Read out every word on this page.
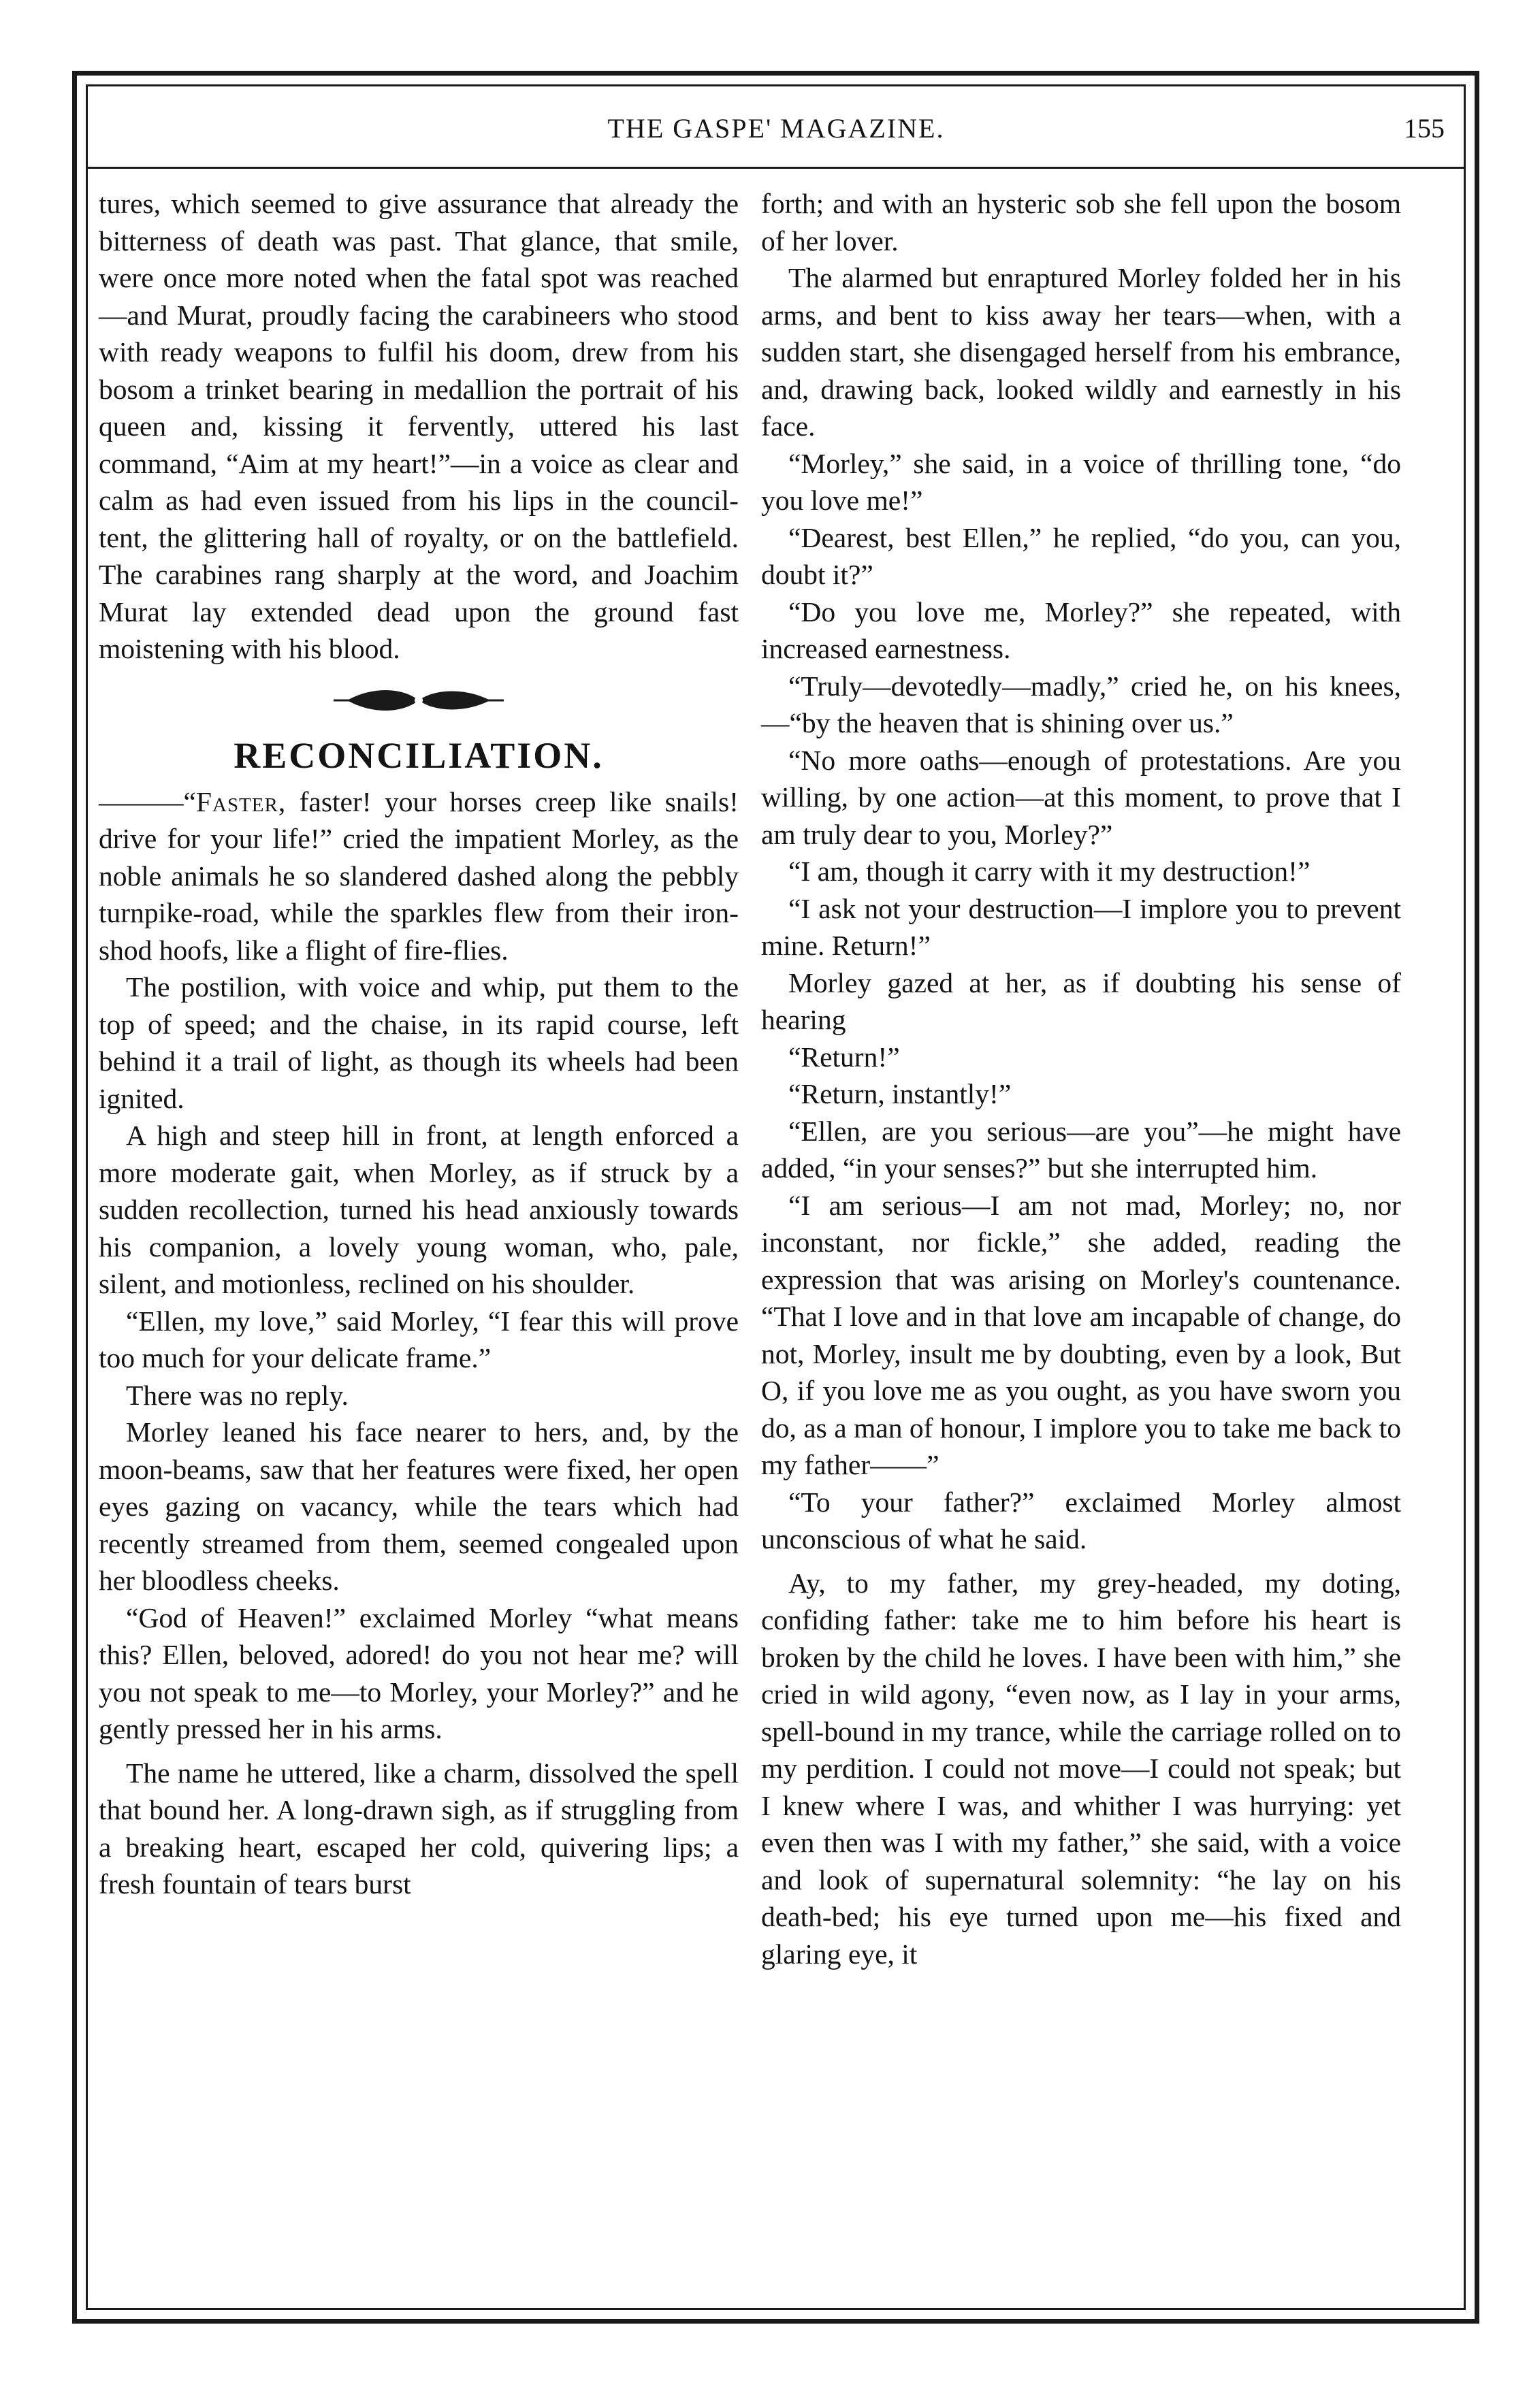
THE GASPE' MAGAZINE.	155

tures, which seemed to give assurance that already the bitterness of death was past. That glance, that smile, were once more noted when the fatal spot was reached—and Murat, proudly facing the carabineers who stood with ready weapons to fulfil his doom, drew from his bosom a trinket bearing in medallion the portrait of his queen and, kissing it fervently, uttered his last command, “Aim at my heart!”—in a voice as clear and calm as had even issued from his lips in the council-tent, the glittering hall of royalty, or on the battlefield. The carabines rang sharply at the word, and Joachim Murat lay extended dead upon the ground fast moistening with his blood.

RECONCILIATION.

———“Faster, faster! your horses creep like snails! drive for your life!” cried the impatient Morley, as the noble animals he so slandered dashed along the pebbly turnpike-road, while the sparkles flew from their iron-shod hoofs, like a flight of fire-flies.

The postilion, with voice and whip, put them to the top of speed; and the chaise, in its rapid course, left behind it a trail of light, as though its wheels had been ignited.

A high and steep hill in front, at length enforced a more moderate gait, when Morley, as if struck by a sudden recollection, turned his head anxiously towards his companion, a lovely young woman, who, pale, silent, and motionless, reclined on his shoulder.

“Ellen, my love,” said Morley, “I fear this will prove too much for your delicate frame.”

There was no reply.

Morley leaned his face nearer to hers, and, by the moon-beams, saw that her features were fixed, her open eyes gazing on vacancy, while the tears which had recently streamed from them, seemed congealed upon her bloodless cheeks.

“God of Heaven!” exclaimed Morley “what means this? Ellen, beloved, adored! do you not hear me? will you not speak to me—to Morley, your Morley?” and he gently pressed her in his arms.

The name he uttered, like a charm, dissolved the spell that bound her. A long-drawn sigh, as if struggling from a breaking heart, escaped her cold, quivering lips; a fresh fountain of tears burst

forth; and with an hysteric sob she fell upon the bosom of her lover.

The alarmed but enraptured Morley folded her in his arms, and bent to kiss away her tears—when, with a sudden start, she disengaged herself from his embrance, and, drawing back, looked wildly and earnestly in his face.

“Morley,” she said, in a voice of thrilling tone, “do you love me!”

“Dearest, best Ellen,” he replied, “do you, can you, doubt it?”

“Do you love me, Morley?” she repeated, with increased earnestness.

“Truly—devotedly—madly,” cried he, on his knees,—“by the heaven that is shining over us.”

“No more oaths—enough of protestations. Are you willing, by one action—at this moment, to prove that I am truly dear to you, Morley?”

“I am, though it carry with it my destruction!”

“I ask not your destruction—I implore you to prevent mine. Return!”

Morley gazed at her, as if doubting his sense of hearing

“Return!”

“Return, instantly!”

“Ellen, are you serious—are you”—he might have added, “in your senses?” but she interrupted him.

“I am serious—I am not mad, Morley; no, nor inconstant, nor fickle,” she added, reading the expression that was arising on Morley's countenance. “That I love and in that love am incapable of change, do not, Morley, insult me by doubting, even by a look, But O, if you love me as you ought, as you have sworn you do, as a man of honour, I implore you to take me back to my father——”

“To your father?” exclaimed Morley almost unconscious of what he said.

Ay, to my father, my grey-headed, my doting, confiding father: take me to him before his heart is broken by the child he loves. I have been with him,” she cried in wild agony, “even now, as I lay in your arms, spell-bound in my trance, while the carriage rolled on to my perdition. I could not move—I could not speak; but I knew where I was, and whither I was hurrying: yet even then was I with my father,” she said, with a voice and look of supernatural solemnity: “he lay on his death-bed; his eye turned upon me—his fixed and glaring eye, it
